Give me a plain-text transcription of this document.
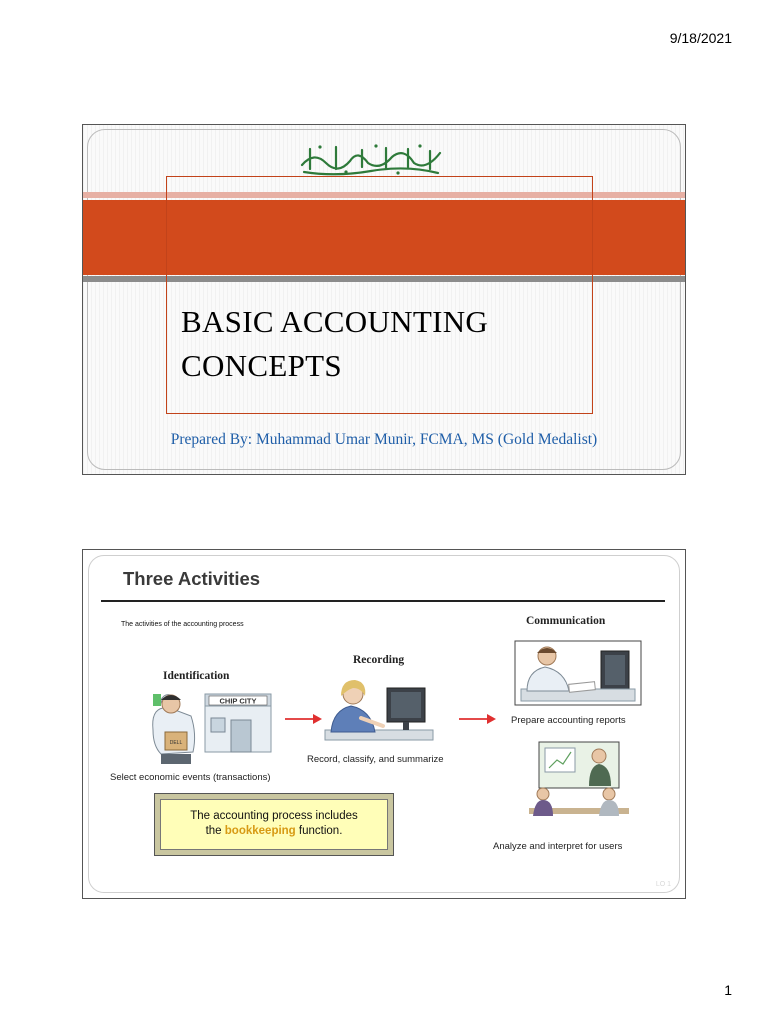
9/18/2021
BASIC ACCOUNTING
CONCEPTS
Prepared By: Muhammad Umar Munir, FCMA, MS (Gold Medalist)
Three Activities
The activities of the accounting process
Identification
CHIP CITY
DELL
Select economic events (transactions)
Recording
Record, classify, and summarize
Communication
Prepare accounting reports
Analyze and interpret for users
The accounting process includes
the bookkeeping function.
LO 1
1
